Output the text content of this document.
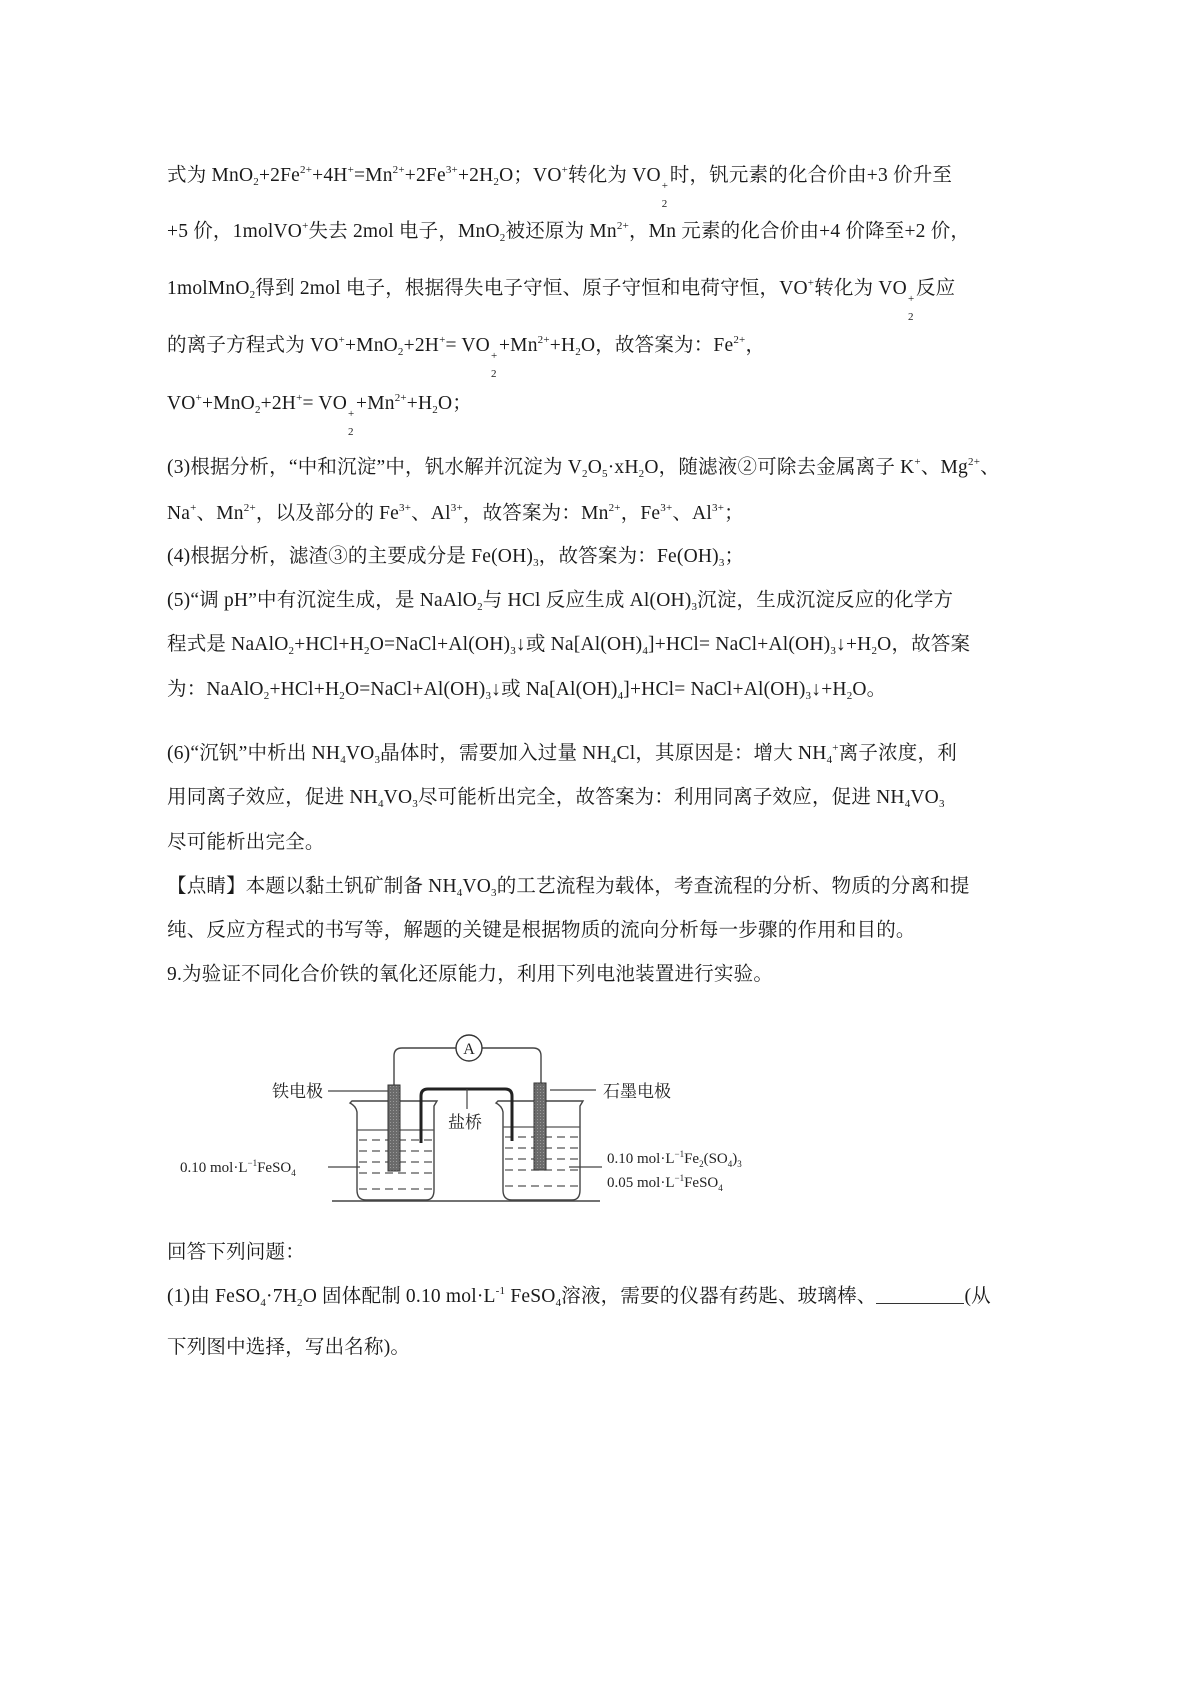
式为 $MnO_2+2Fe^{2+}+4H^+=Mn^{2+}+2Fe^{3+}+2H_2O$；VO+转化为 VO +
2
时，钒元素的化合价由+3 价升至
+5 价，1molVO+失去 2mol 电子，MnO$_2$被还原为 $Mn^{2+}$，Mn 元素的化合价由+4 价降至+2 价，
1molMnO$_2$得到 2mol 电子，根据得失电子守恒、原子守恒和电荷守恒，VO+转化为 VO +
2
反应
的离子方程式为 VO++MnO$_2$+2H+= VO +
2
$+Mn^{2+}+H_2O$，故答案为：$Fe^{2+}$，
VO++MnO$_2$+2H+= VO +
2
$+Mn^{2+}+H_2O$；
(3)根据分析，“中和沉淀”中，钒水解并沉淀为 $V_2O_5\cdot xH_2O$，随滤液②可除去金属离子 K+、$Mg^{2+}$、
Na+、$Mn^{2+}$，以及部分的 $Fe^{3+}$、$Al^{3+}$，故答案为：$Mn^{2+}$，$Fe^{3+}$、$Al^{3+}$；
(4)根据分析，滤渣③的主要成分是 $Fe(OH)_3$，故答案为：$Fe(OH)_3$；
(5)“调 pH”中有沉淀生成，是 NaAlO$_2$与 HCl 反应生成 $Al(OH)_3$沉淀，生成沉淀反应的化学方
程式是 $NaAlO_2+HCl+H_2O=NaCl+Al(OH)_3↓$或 $Na[Al(OH)_4]+HCl=$ $NaCl+Al(OH)_3↓+H_2O$，故答案
为：$NaAlO_2+HCl+H_2O=NaCl+Al(OH)_3↓$或 $Na[Al(OH)_4]+HCl=$ $NaCl+Al(OH)_3↓+H_2O$。
(6)“沉钒”中析出 $NH_4VO_3$晶体时，需要加入过量 $NH_4Cl$，其原因是：增大 $NH_4^+$离子浓度，利
用同离子效应，促进 $NH_4VO_3$尽可能析出完全，故答案为：利用同离子效应，促进 $NH_4VO_3$
尽可能析出完全。
【点睛】本题以黏土钒矿制备 $NH_4VO_3$的工艺流程为载体，考查流程的分析、物质的分离和提
纯、反应方程式的书写等，解题的关键是根据物质的流向分析每一步骤的作用和目的。
9.为验证不同化合价铁的氧化还原能力，利用下列电池装置进行实验。
回答下列问题：
(1)由 $FeSO_4\cdot 7H_2O$ 固体配制 0.10 $mol\cdot L^{-1}$ FeSO$_4$溶液，需要的仪器有药匙、玻璃棒、	(从
下列图中选择，写出名称)。
A
铁电极	石墨电极
盐桥
0.10 $mol\cdot L^{-1}FeSO_4$
0.10 $mol\cdot L^{-1}Fe_2(SO_4)_3$
0.05 $mol\cdot L^{-1}FeSO_4$
